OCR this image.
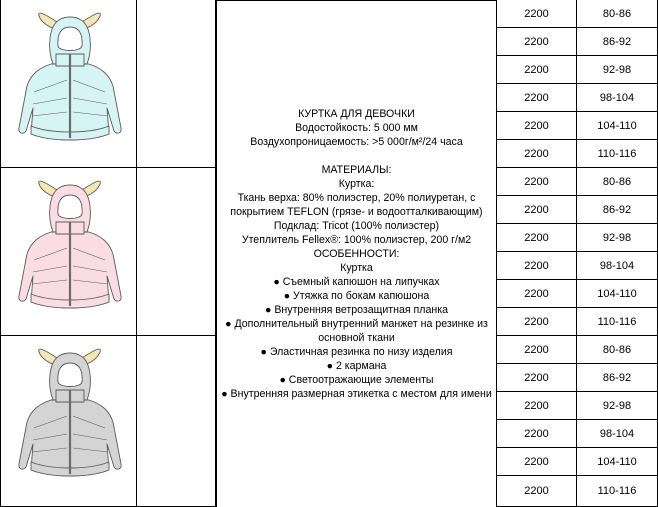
КУРТКА ДЛЯ ДЕВОЧКИ
Водостойкость: 5 000 мм
Воздухопроницаемость: >5 000г/м²/24 часа
МАТЕРИАЛЫ:
Куртка:
Ткань верха: 80% полиэстер, 20% полиуретан, с покрытием TEFLON (грязе- и водоотталкивающим)
Подклад: Tricot (100% полиэстер)
Утеплитель Fellex®: 100% полиэстер, 200 г/м2
ОСОБЕННОСТИ:
Куртка
● Съемный капюшон на липучках
● Утяжка по бокам капюшона
● Внутренняя ветрозащитная планка
● Дополнительный внутренний манжет на резинке из основной ткани
● Эластичная резинка по низу изделия
● 2 кармана
● Светоотражающие элементы
● Внутренняя размерная этикетка с местом для имени
2200	80-86
2200	86-92
2200	92-98
2200	98-104
2200	104-110
2200	110-116
2200	80-86
2200	86-92
2200	92-98
2200	98-104
2200	104-110
2200	110-116
2200	80-86
2200	86-92
2200	92-98
2200	98-104
2200	104-110
2200	110-116
